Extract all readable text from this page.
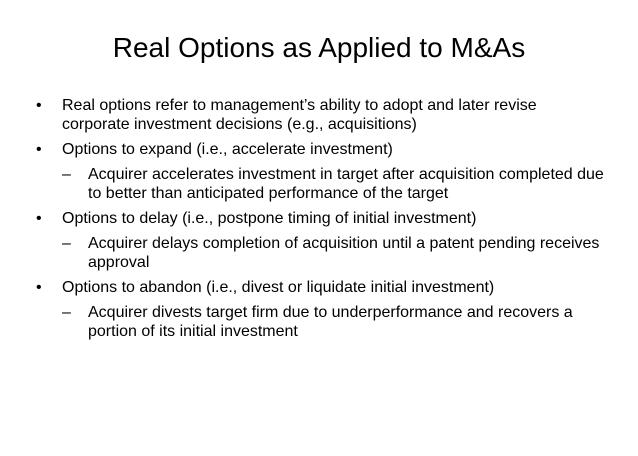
Real Options as Applied to M&As
• Real options refer to management’s ability to adopt and later revise corporate investment decisions (e.g., acquisitions)
• Options to expand (i.e., accelerate investment)
– Acquirer accelerates investment in target after acquisition completed due to better than anticipated performance of the target
• Options to delay (i.e., postpone timing of initial investment)
– Acquirer delays completion of acquisition until a patent pending receives approval
• Options to abandon (i.e., divest or liquidate initial investment)
– Acquirer divests target firm due to underperformance and recovers a portion of its initial investment
